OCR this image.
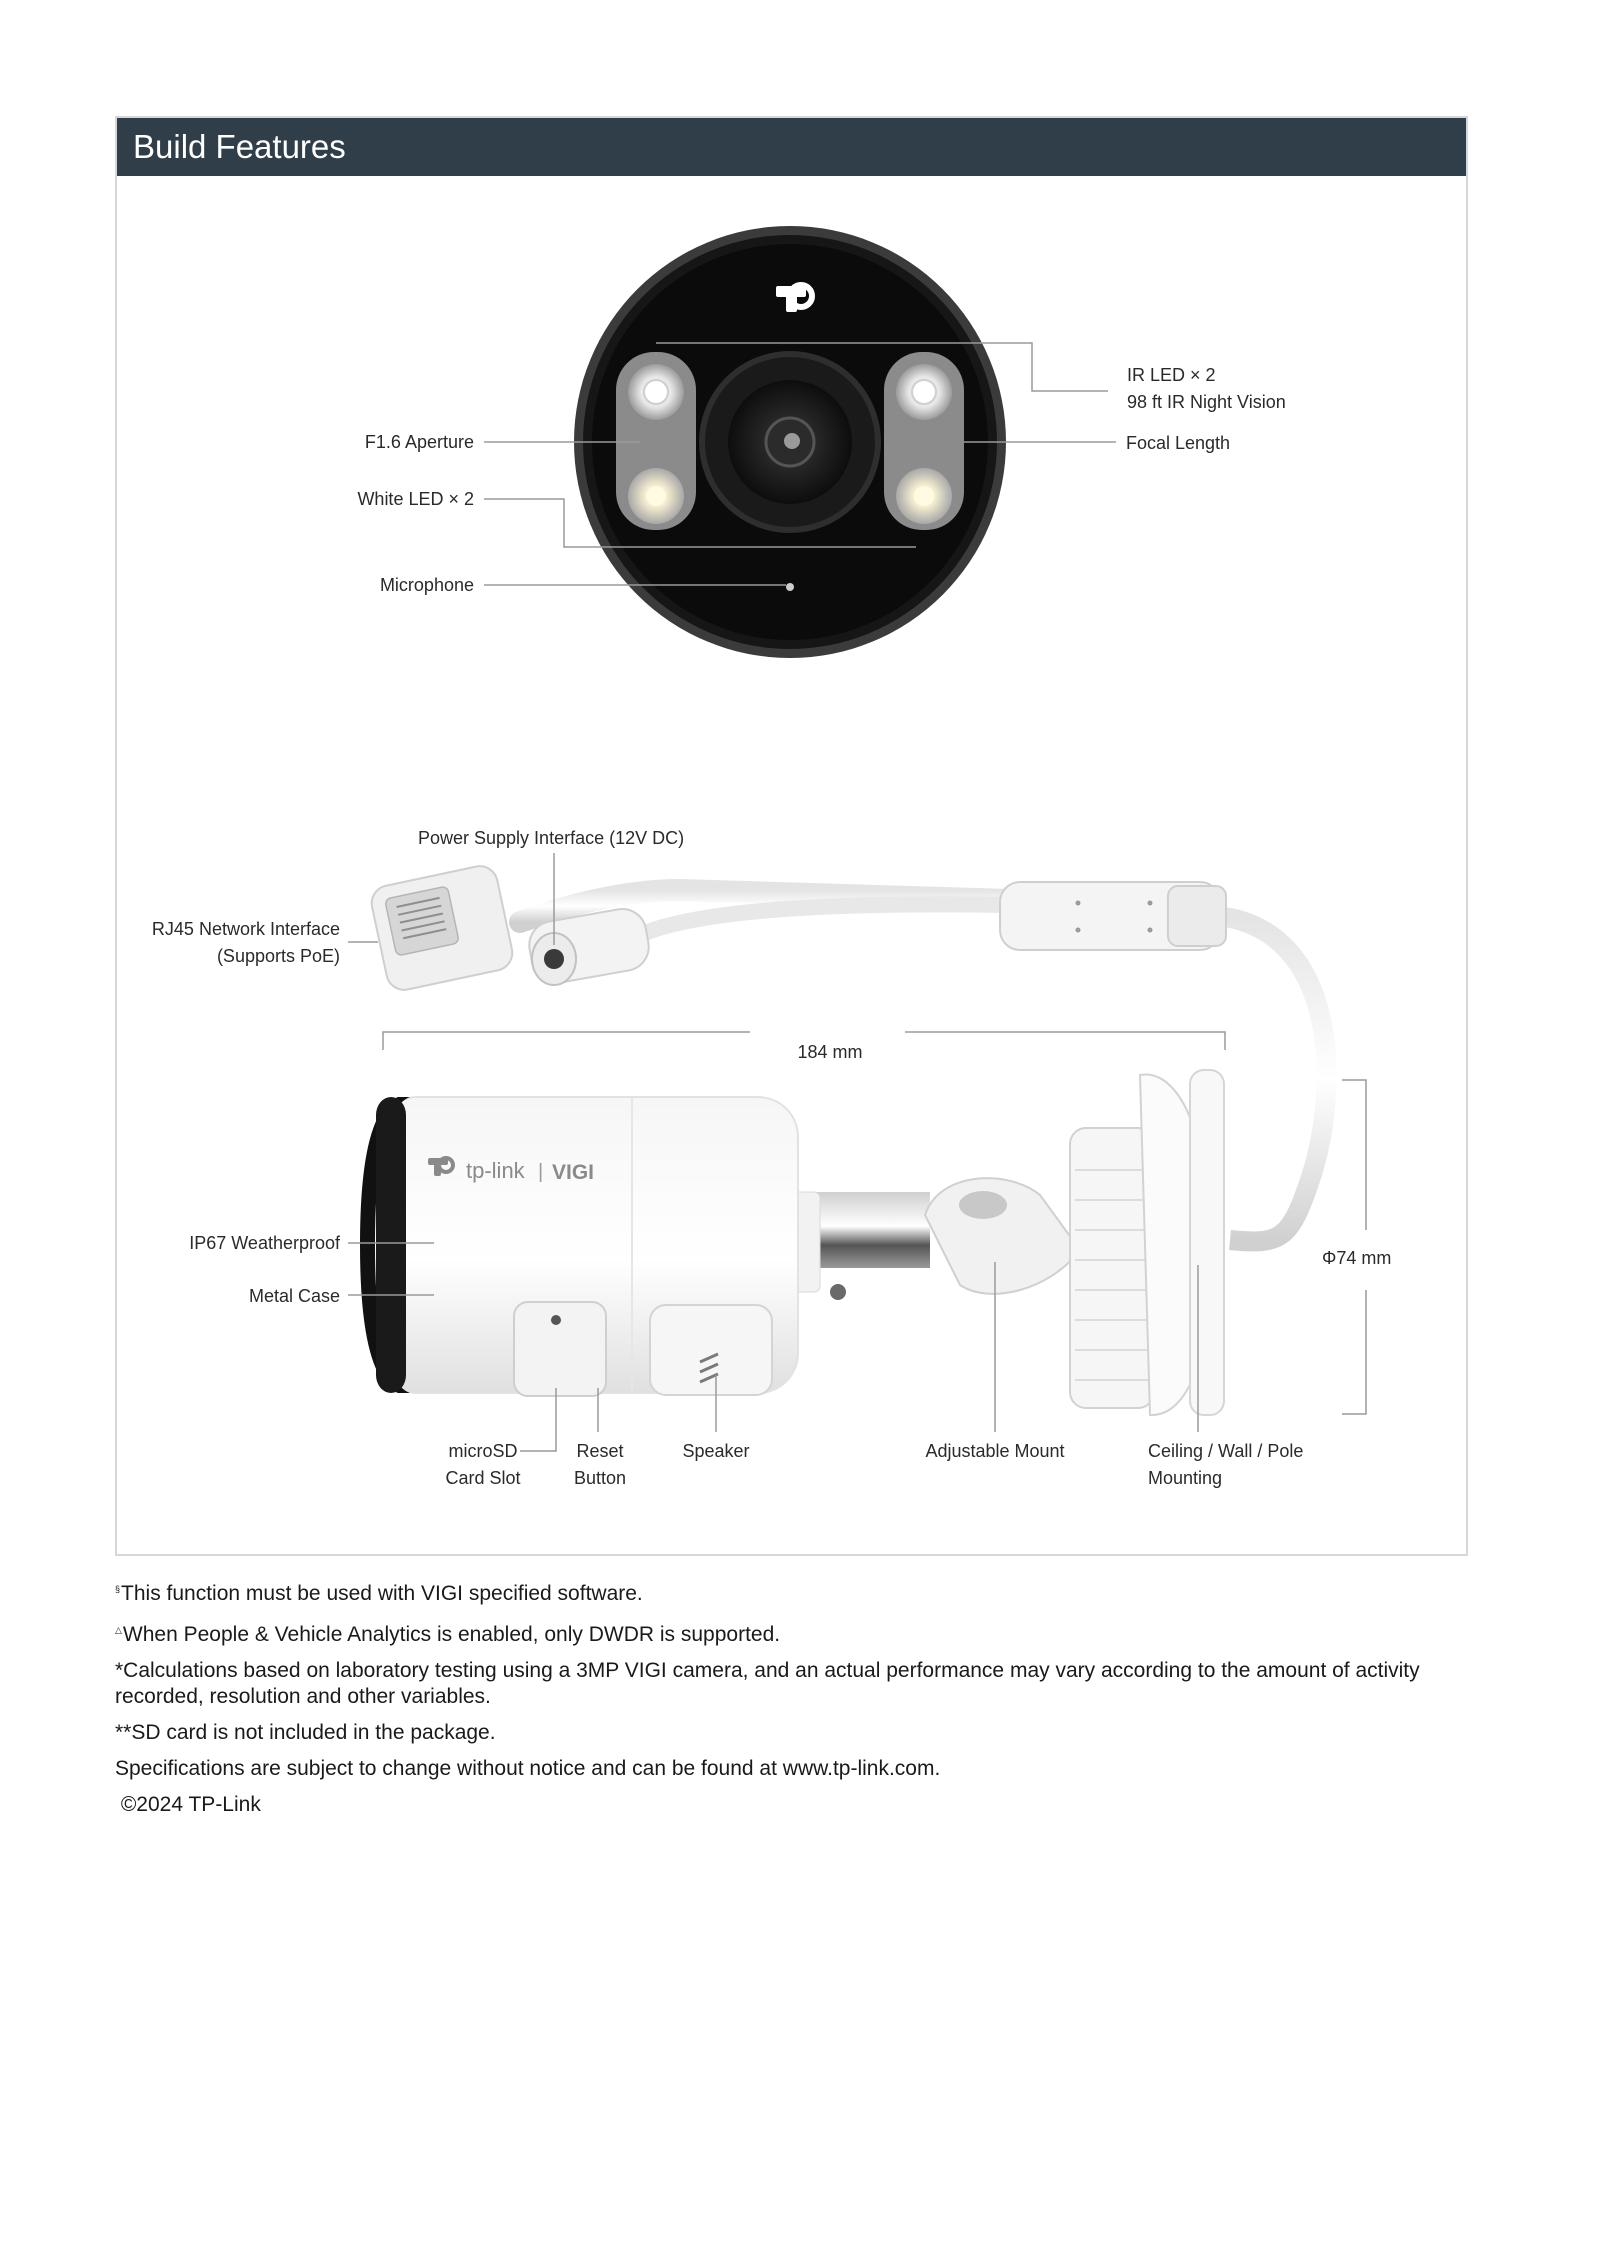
Build Features
tp-link | VIGI
IR LED × 2
98 ft IR Night Vision
Focal Length
F1.6 Aperture
White LED × 2
Microphone
Power Supply Interface (12V DC)
RJ45 Network Interface
(Supports PoE)
184 mm
Φ74 mm
IP67 Weatherproof
Metal Case
microSD
Card Slot
Reset
Button
Speaker	Adjustable Mount	Ceiling / Wall / Pole
Mounting

§This function must be used with VIGI specified software.

△When People & Vehicle Analytics is enabled, only DWDR is supported.

*Calculations based on laboratory testing using a 3MP VIGI camera, and an actual performance may vary according to the amount of activity recorded, resolution and other variables.

**SD card is not included in the package.

Specifications are subject to change without notice and can be found at www.tp-link.com.

©2024 TP-Link
